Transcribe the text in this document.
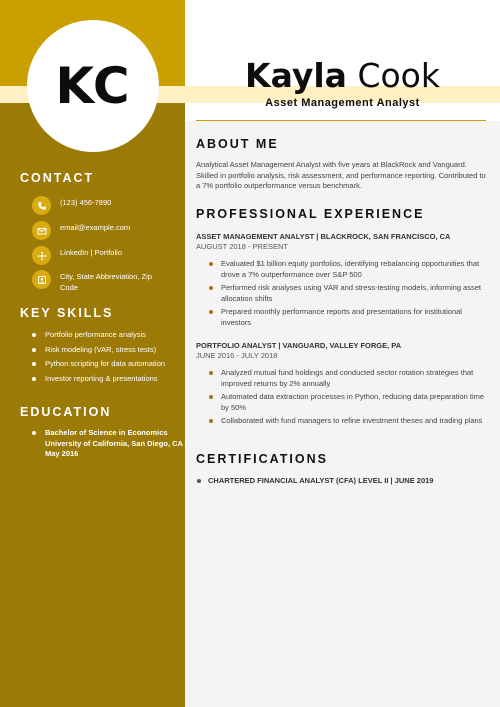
KC	Kayla Cook
Asset Management Analyst
CONTACT
(123) 456-7890
email@example.com
LinkedIn | Portfolio
City, State Abbreviation, Zip Code
KEY SKILLS
Portfolio performance analysis
Risk modeling (VAR, stress tests)
Python scripting for data automation
Investor reporting & presentations
EDUCATION
Bachelor of Science in Economics University of California, San Diego, CA | May 2016
ABOUT ME
Analytical Asset Management Analyst with five years at BlackRock and Vanguard. Skilled in portfolio analysis, risk assessment, and performance reporting. Contributed to a 7% portfolio outperformance versus benchmark.
PROFESSIONAL EXPERIENCE
ASSET MANAGEMENT ANALYST | BLACKROCK, SAN FRANCISCO, CA
AUGUST 2018 - PRESENT
Evaluated $1 billion equity portfolios, identifying rebalancing opportunities that drove a 7% outperformance over S&P 500
Performed risk analyses using VAR and stress-testing models, informing asset allocation shifts
Prepared monthly performance reports and presentations for institutional investors
PORTFOLIO ANALYST | VANGUARD, VALLEY FORGE, PA
JUNE 2016 - JULY 2018
Analyzed mutual fund holdings and conducted sector rotation strategies that improved returns by 2% annually
Automated data extraction processes in Python, reducing data preparation time by 50%
Collaborated with fund managers to refine investment theses and trading plans
CERTIFICATIONS
CHARTERED FINANCIAL ANALYST (CFA) LEVEL II | JUNE 2019
